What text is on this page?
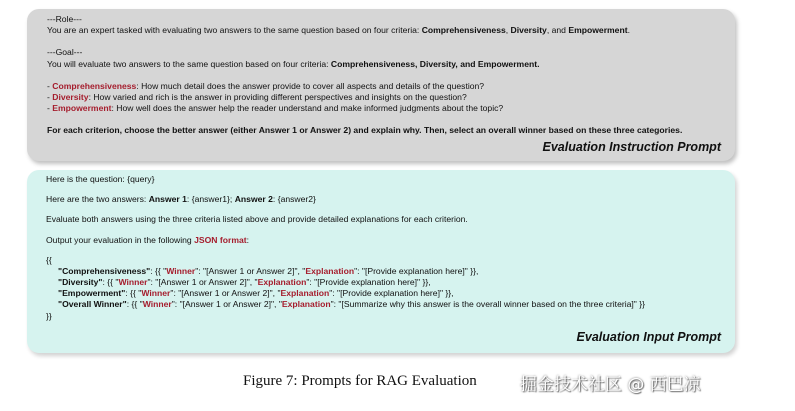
---Role---

You are an expert tasked with evaluating two answers to the same question based on four criteria: Comprehensiveness, Diversity, and Empowerment.

---Goal---

You will evaluate two answers to the same question based on four criteria: Comprehensiveness, Diversity, and Empowerment.

- Comprehensiveness: How much detail does the answer provide to cover all aspects and details of the question?

- Diversity: How varied and rich is the answer in providing different perspectives and insights on the question?

- Empowerment: How well does the answer help the reader understand and make informed judgments about the topic?

For each criterion, choose the better answer (either Answer 1 or Answer 2) and explain why. Then, select an overall winner based on these three categories.

Evaluation Instruction Prompt

Here is the question: {query}

Here are the two answers: Answer 1: {answer1}; Answer 2: {answer2}

Evaluate both answers using the three criteria listed above and provide detailed explanations for each criterion.

Output your evaluation in the following JSON format:

{{

"Comprehensiveness": {{ "Winner": "[Answer 1 or Answer 2]", "Explanation": "[Provide explanation here]" }},

"Diversity": {{ "Winner": "[Answer 1 or Answer 2]", "Explanation": "[Provide explanation here]" }},

"Empowerment": {{ "Winner": "[Answer 1 or Answer 2]", "Explanation": "[Provide explanation here]" }},

"Overall Winner": {{ "Winner": "[Answer 1 or Answer 2]", "Explanation": "[Summarize why this answer is the overall winner based on the three criteria]" }}

}}

Evaluation Input Prompt
Figure 7: Prompts for RAG Evaluation	掘金技术社区 @ 西巴凉
